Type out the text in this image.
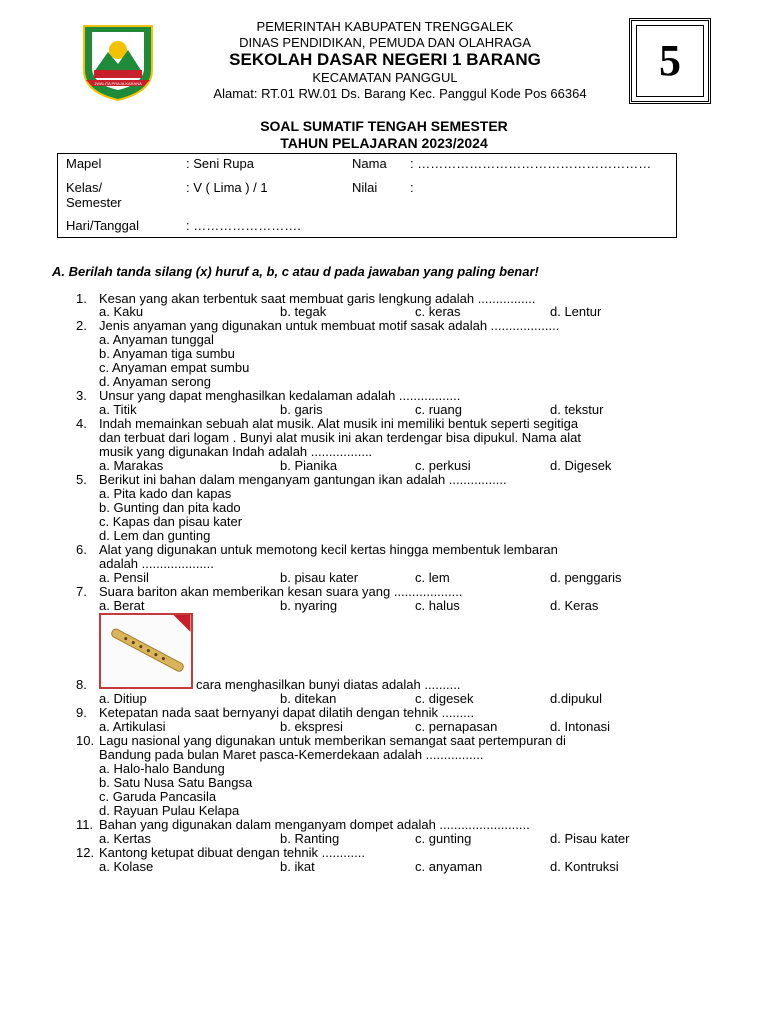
JWALITA PRAJA KARANA
PEMERINTAH KABUPATEN TRENGGALEK
DINAS PENDIDIKAN, PEMUDA DAN OLAHRAGA
SEKOLAH DASAR NEGERI 1 BARANG
KECAMATAN PANGGUL
Alamat: RT.01 RW.01 Ds. Barang Kec. Panggul Kode Pos 66364
5
SOAL SUMATIF TENGAH SEMESTER
TAHUN PELAJARAN 2023/2024
Mapel	: Seni Rupa	Nama : ………………………………………………
Kelas/
Semester
: V ( Lima ) / 1	Nilai	:
Hari/Tanggal	: …………………….
A. Berilah tanda silang (x) huruf a, b, c atau d pada jawaban yang paling benar!
1. Kesan yang akan terbentuk saat membuat garis lengkung adalah ................
a. Kaku	b. tegak	c. keras	d. Lentur
2. Jenis anyaman yang digunakan untuk membuat motif sasak adalah ...................
a. Anyaman tunggal
b. Anyaman tiga sumbu
c. Anyaman empat sumbu
d. Anyaman serong
3. Unsur yang dapat menghasilkan kedalaman adalah .................
a. Titik	b. garis	c. ruang	d. tekstur
4. Indah memainkan sebuah alat musik. Alat musik ini memiliki bentuk seperti segitiga
dan terbuat dari logam . Bunyi alat musik ini akan terdengar bisa dipukul. Nama alat
musik yang digunakan Indah adalah .................
a. Marakas	b. Pianika	c. perkusi	d. Digesek
5. Berikut ini bahan dalam menganyam gantungan ikan adalah ................
a. Pita kado dan kapas
b. Gunting dan pita kado
c. Kapas dan pisau kater
d. Lem dan gunting
6. Alat yang digunakan untuk memotong kecil kertas hingga membentuk lembaran
adalah ....................
a. Pensil	b. pisau kater	c. lem	d. penggaris
7. Suara bariton akan memberikan kesan suara yang ...................
a. Berat	b. nyaring	c. halus	d. Keras
8.	cara menghasilkan bunyi diatas adalah ..........
a. Ditiup	b. ditekan	c. digesek	d.dipukul
9. Ketepatan nada saat bernyanyi dapat dilatih dengan tehnik .........
a. Artikulasi	b. ekspresi	c. pernapasan	d. Intonasi
10. Lagu nasional yang digunakan untuk memberikan semangat saat pertempuran di
Bandung pada bulan Maret pasca-Kemerdekaan adalah ................
a. Halo-halo Bandung
b. Satu Nusa Satu Bangsa
c. Garuda Pancasila
d. Rayuan Pulau Kelapa
11. Bahan yang digunakan dalam menganyam dompet adalah .........................
a. Kertas	b. Ranting	c. gunting	d. Pisau kater
12. Kantong ketupat dibuat dengan tehnik ............
a. Kolase	b. ikat	c. anyaman	d. Kontruksi
